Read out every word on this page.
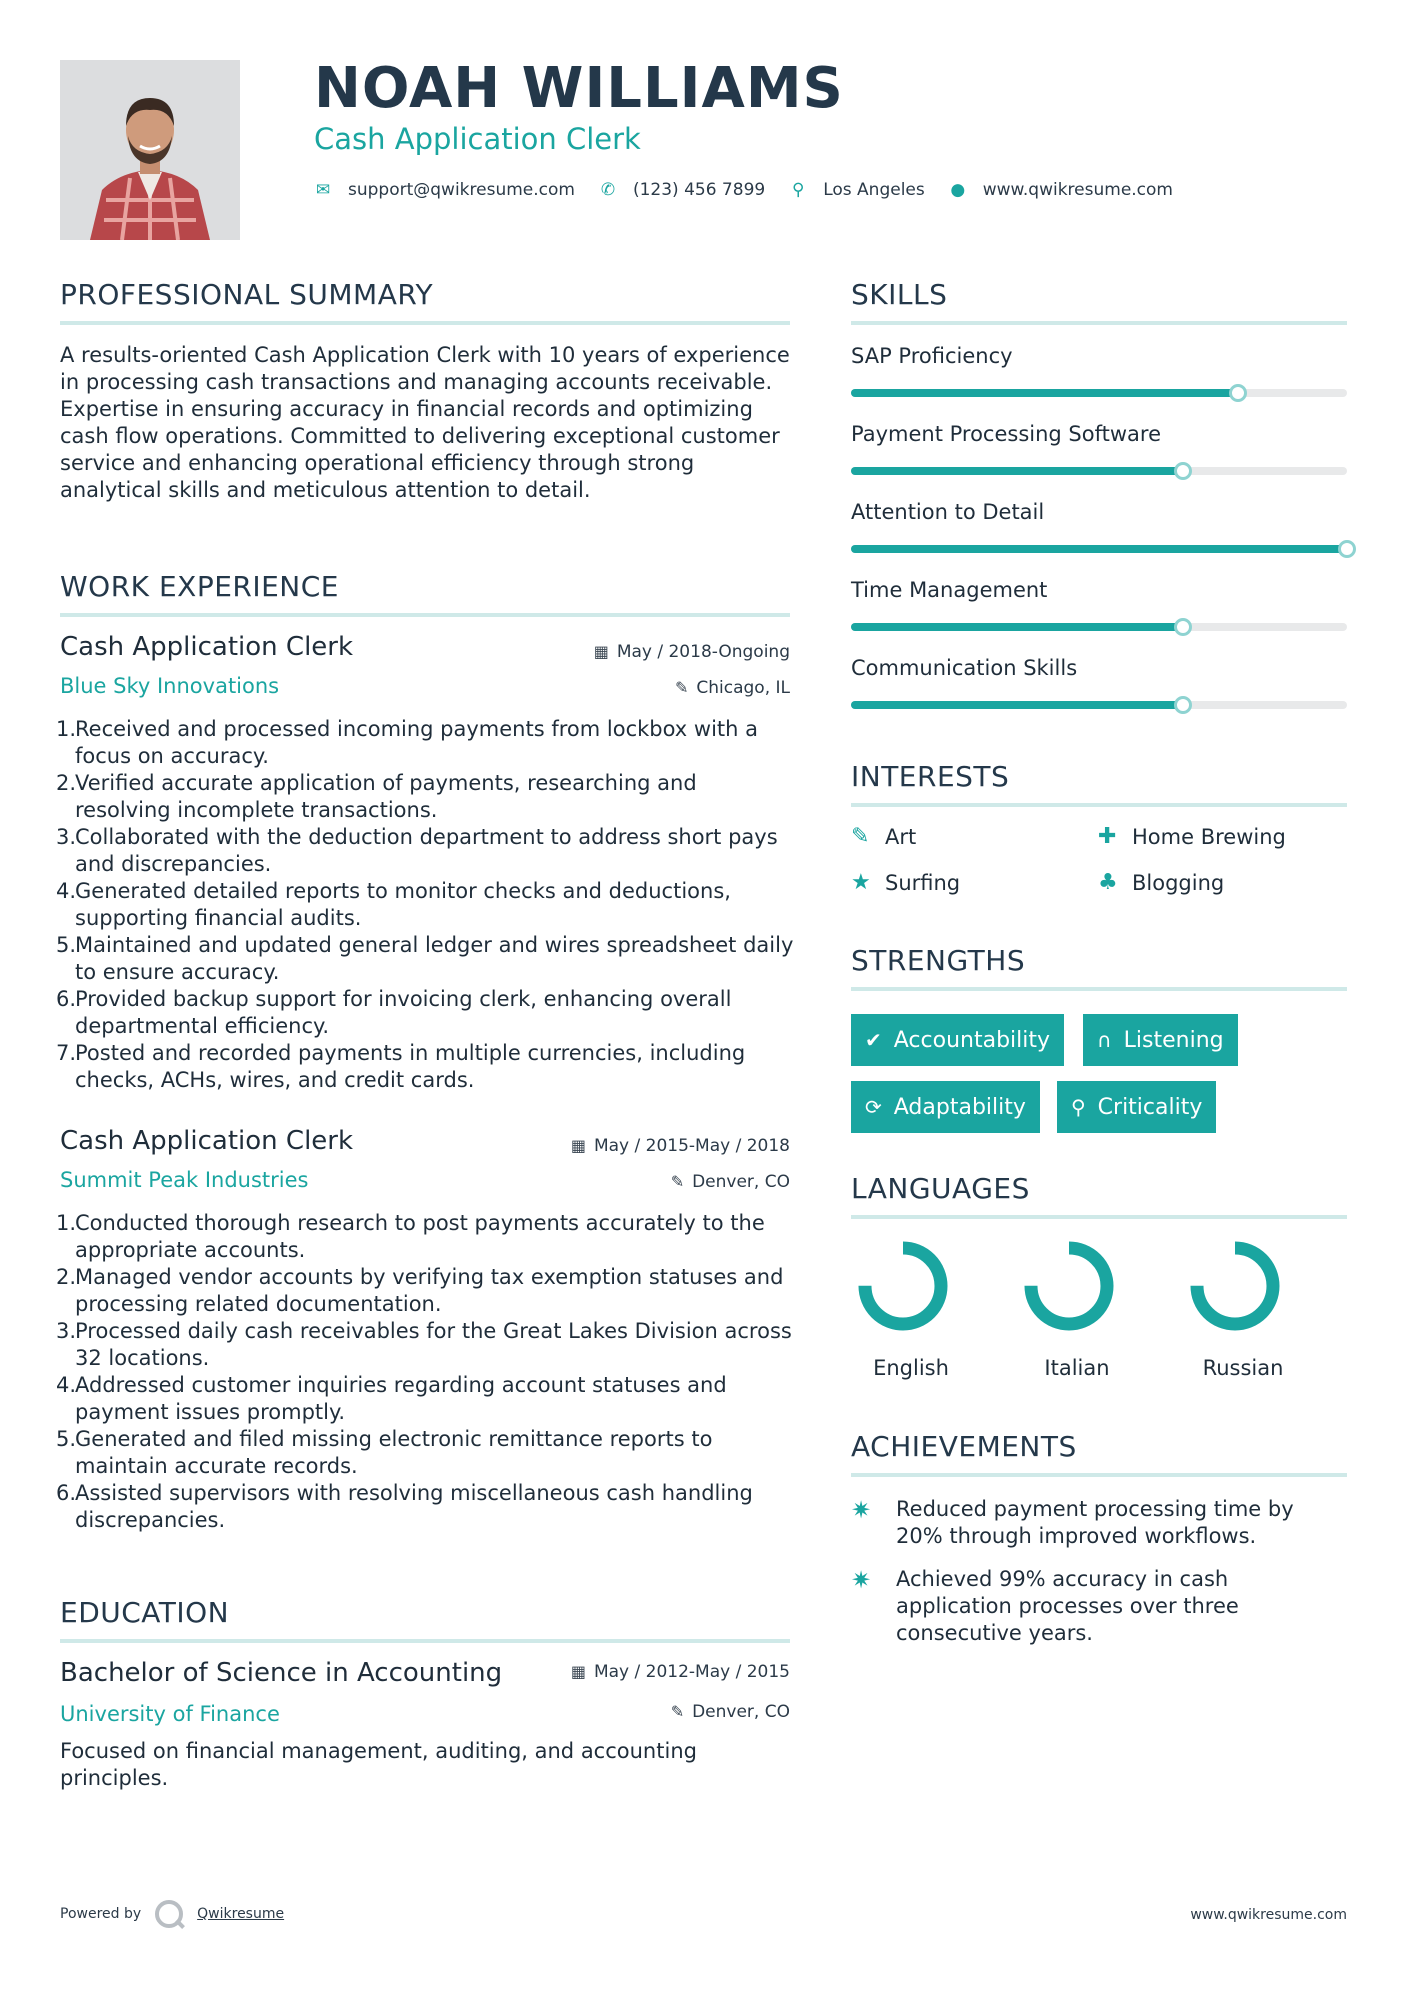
NOAH WILLIAMS
Cash Application Clerk
✉ support@qwikresume.com ✆ (123) 456 7899 ⚲ Los Angeles ● www.qwikresume.com
PROFESSIONAL SUMMARY
A results-oriented Cash Application Clerk with 10 years of experience in processing cash transactions and managing accounts receivable. Expertise in ensuring accuracy in financial records and optimizing cash flow operations. Committed to delivering exceptional customer service and enhancing operational efficiency through strong analytical skills and meticulous attention to detail.
WORK EXPERIENCE
Cash Application Clerk	▦ May / 2018-Ongoing
Blue Sky Innovations	✎ Chicago, IL
1.
Received and processed incoming payments from lockbox with a focus on accuracy.
2.
Verified accurate application of payments, researching and resolving incomplete transactions.
3.
Collaborated with the deduction department to address short pays and discrepancies.
4.
Generated detailed reports to monitor checks and deductions, supporting financial audits.
5.
Maintained and updated general ledger and wires spreadsheet daily to ensure accuracy.
6.
Provided backup support for invoicing clerk, enhancing overall departmental efficiency.
7.
Posted and recorded payments in multiple currencies, including checks, ACHs, wires, and credit cards.
Cash Application Clerk	▦ May / 2015-May / 2018
Summit Peak Industries	✎ Denver, CO
1.
Conducted thorough research to post payments accurately to the appropriate accounts.
2.
Managed vendor accounts by verifying tax exemption statuses and processing related documentation.
3.
Processed daily cash receivables for the Great Lakes Division across 32 locations.
4.
Addressed customer inquiries regarding account statuses and payment issues promptly.
5.
Generated and filed missing electronic remittance reports to maintain accurate records.
6.
Assisted supervisors with resolving miscellaneous cash handling discrepancies.
EDUCATION
Bachelor of Science in Accounting	▦ May / 2012-May / 2015
University of Finance	✎ Denver, CO
Focused on financial management, auditing, and accounting principles.
SKILLS
SAP Proficiency
Payment Processing Software
Attention to Detail
Time Management
Communication Skills
INTERESTS
✎ Art	✚ Home Brewing
★ Surfing	♣ Blogging
STRENGTHS
✔ Accountability ∩ Listening
⟳ Adaptability ⚲ Criticality
LANGUAGES
English	Italian	Russian
ACHIEVEMENTS
✷ Reduced payment processing time by 20% through improved workflows.
✷ Achieved 99% accuracy in cash application processes over three consecutive years.
Powered by	Qwikresume	www.qwikresume.com
